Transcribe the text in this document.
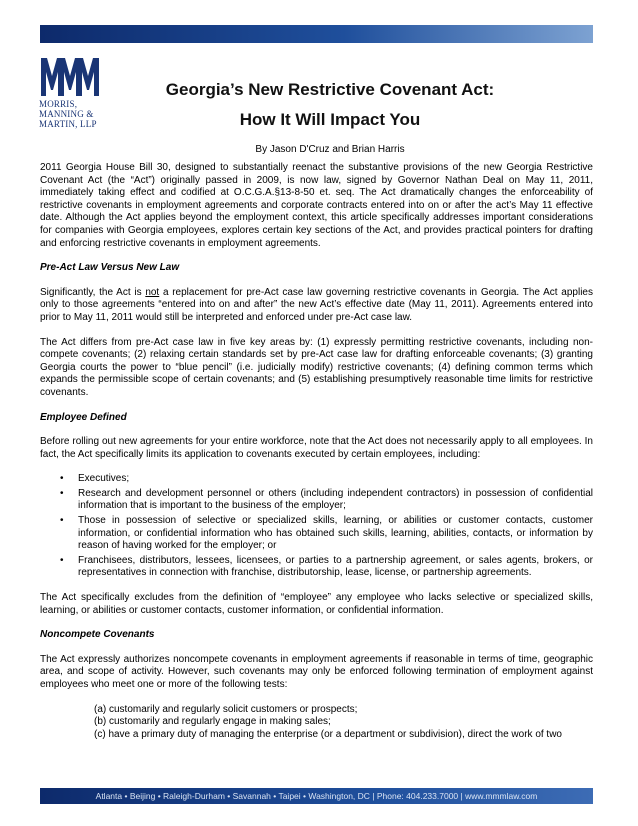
MORRIS,
MANNING &
MARTIN, LLP
Georgia’s New Restrictive Covenant Act:
How It Will Impact You
By Jason D'Cruz and Brian Harris

2011 Georgia House Bill 30, designed to substantially reenact the substantive provisions of the new Georgia Restrictive Covenant Act (the “Act”) originally passed in 2009, is now law, signed by Governor Nathan Deal on May 11, 2011, immediately taking effect and codified at O.C.G.A.§13-8-50 et. seq. The Act dramatically changes the enforceability of restrictive covenants in employment agreements and corporate contracts entered into on or after the act’s May 11 effective date. Although the Act applies beyond the employment context, this article specifically addresses important considerations for companies with Georgia employees, explores certain key sections of the Act, and provides practical pointers for drafting and enforcing restrictive covenants in employment agreements.

Pre-Act Law Versus New Law

Significantly, the Act is not a replacement for pre-Act case law governing restrictive covenants in Georgia. The Act applies only to those agreements “entered into on and after” the new Act’s effective date (May 11, 2011). Agreements entered into prior to May 11, 2011 would still be interpreted and enforced under pre-Act case law.

The Act differs from pre-Act case law in five key areas by: (1) expressly permitting restrictive covenants, including non-compete covenants; (2) relaxing certain standards set by pre-Act case law for drafting enforceable covenants; (3) granting Georgia courts the power to “blue pencil” (i.e. judicially modify) restrictive covenants; (4) defining common terms which expands the permissible scope of certain covenants; and (5) establishing presumptively reasonable time limits for restrictive covenants.

Employee Defined

Before rolling out new agreements for your entire workforce, note that the Act does not necessarily apply to all employees. In fact, the Act specifically limits its application to covenants executed by certain employees, including:

• Executives;
• Research and development personnel or others (including independent contractors) in possession of confidential information that is important to the business of the employer;
• Those in possession of selective or specialized skills, learning, or abilities or customer contacts, customer information, or confidential information who has obtained such skills, learning, abilities, contacts, or information by reason of having worked for the employer; or
• Franchisees, distributors, lessees, licensees, or parties to a partnership agreement, or sales agents, brokers, or representatives in connection with franchise, distributorship, lease, license, or partnership agreements.

The Act specifically excludes from the definition of “employee” any employee who lacks selective or specialized skills, learning, or abilities or customer contacts, customer information, or confidential information.

Noncompete Covenants

The Act expressly authorizes noncompete covenants in employment agreements if reasonable in terms of time, geographic area, and scope of activity. However, such covenants may only be enforced following termination of employment against employees who meet one or more of the following tests:

(a) customarily and regularly solicit customers or prospects;
(b) customarily and regularly engage in making sales;
(c) have a primary duty of managing the enterprise (or a department or subdivision), direct the work of two
Atlanta • Beijing • Raleigh-Durham • Savannah • Taipei • Washington, DC | Phone: 404.233.7000 | www.mmmlaw.com
